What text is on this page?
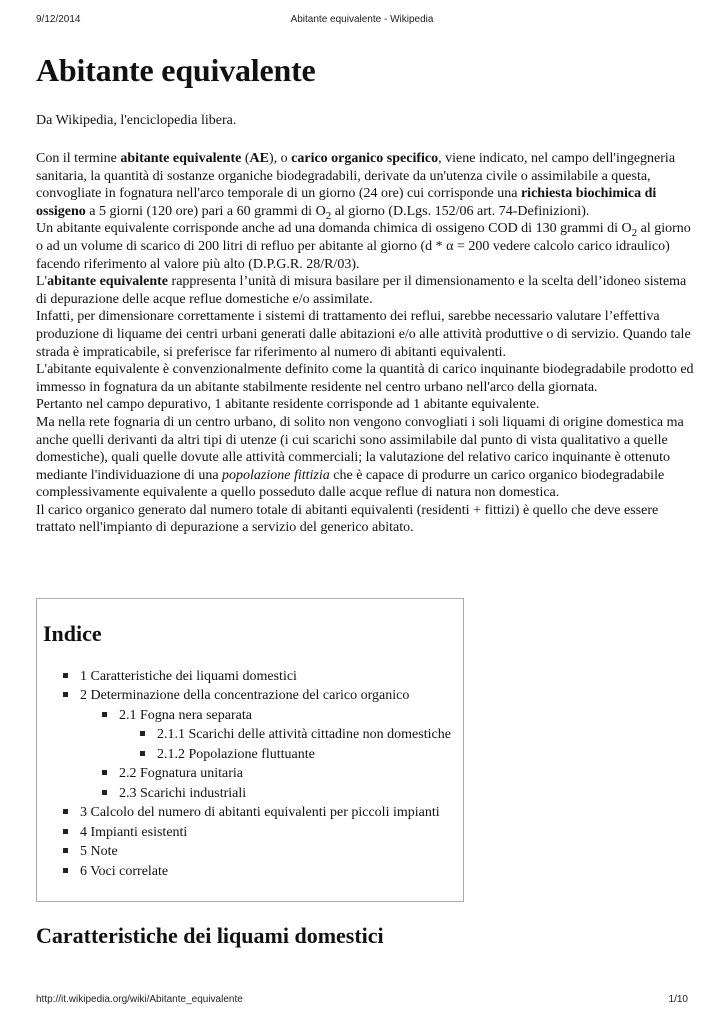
9/12/2014	Abitante equivalente - Wikipedia
Abitante equivalente
Da Wikipedia, l'enciclopedia libera.

Con il termine abitante equivalente (AE), o carico organico specifico, viene indicato, nel campo dell'ingegneria sanitaria, la quantità di sostanze organiche biodegradabili, derivate da un'utenza civile o assimilabile a questa, convogliate in fognatura nell'arco temporale di un giorno (24 ore) cui corrisponde una richiesta biochimica di ossigeno a 5 giorni (120 ore) pari a 60 grammi di $O_2$ al giorno (D.Lgs. 152/06 art. 74-Definizioni).

Un abitante equivalente corrisponde anche ad una domanda chimica di ossigeno COD di 130 grammi di $O_2$ al giorno o ad un volume di scarico di 200 litri di refluo per abitante al giorno (d * α = 200 vedere calcolo carico idraulico) facendo riferimento al valore più alto (D.P.G.R. 28/R/03).

L'abitante equivalente rappresenta l’unità di misura basilare per il dimensionamento e la scelta dell’idoneo sistema di depurazione delle acque reflue domestiche e/o assimilate.

Infatti, per dimensionare correttamente i sistemi di trattamento dei reflui, sarebbe necessario valutare l’effettiva produzione di liquame dei centri urbani generati dalle abitazioni e/o alle attività produttive o di servizio. Quando tale strada è impraticabile, si preferisce far riferimento al numero di abitanti equivalenti.

L'abitante equivalente è convenzionalmente definito come la quantità di carico inquinante biodegradabile prodotto ed immesso in fognatura da un abitante stabilmente residente nel centro urbano nell'arco della giornata.

Pertanto nel campo depurativo, 1 abitante residente corrisponde ad 1 abitante equivalente.

Ma nella rete fognaria di un centro urbano, di solito non vengono convogliati i soli liquami di origine domestica ma anche quelli derivanti da altri tipi di utenze (i cui scarichi sono assimilabile dal punto di vista qualitativo a quelle domestiche), quali quelle dovute alle attività commerciali; la valutazione del relativo carico inquinante è ottenuto mediante l'individuazione di una popolazione fittizia che è capace di produrre un carico organico biodegradabile complessivamente equivalente a quello posseduto dalle acque reflue di natura non domestica.

Il carico organico generato dal numero totale di abitanti equivalenti (residenti + fittizi) è quello che deve essere trattato nell'impianto di depurazione a servizio del generico abitato.

Indice
1 Caratteristiche dei liquami domestici
2 Determinazione della concentrazione del carico organico
2.1 Fogna nera separata
2.1.1 Scarichi delle attività cittadine non domestiche
2.1.2 Popolazione fluttuante
2.2 Fognatura unitaria
2.3 Scarichi industriali
3 Calcolo del numero di abitanti equivalenti per piccoli impianti
4 Impianti esistenti
5 Note
6 Voci correlate
Caratteristiche dei liquami domestici
http://it.wikipedia.org/wiki/Abitante_equivalente	1/10
